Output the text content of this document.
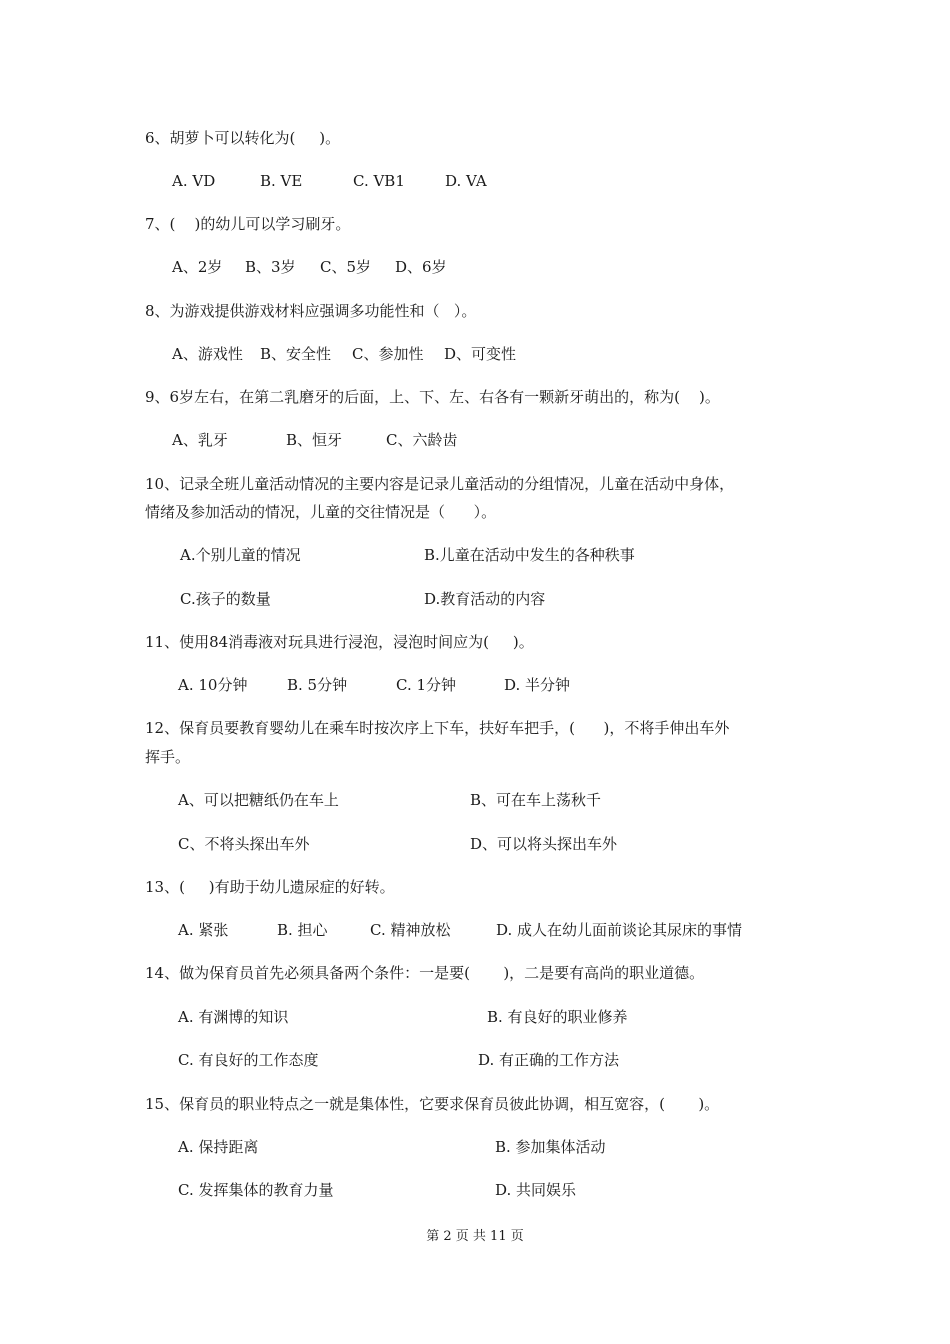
6、胡萝卜可以转化为(     )。
A. VD	B. VE	C. VB1	D. VA
7、(    )的幼儿可以学习刷牙。
A、2岁 B、3岁 C、5岁 D、6岁
8、为游戏提供游戏材料应强调多功能性和（   ）。
A、游戏性 B、安全性 C、参加性 D、可变性
9、6岁左右，在第二乳磨牙的后面，上、下、左、右各有一颗新牙萌出的，称为(    )。
A、乳牙	B、恒牙	C、六龄齿
10、记录全班儿童活动情况的主要内容是记录儿童活动的分组情况，儿童在活动中身体，
情绪及参加活动的情况，儿童的交往情况是（      ）。
A.个别儿童的情况	B.儿童在活动中发生的各种秩事
C.孩子的数量	D.教育活动的内容
11、使用84消毒液对玩具进行浸泡，浸泡时间应为(     )。
A. 10分钟	B. 5分钟	C. 1分钟	D. 半分钟
12、保育员要教育婴幼儿在乘车时按次序上下车，扶好车把手，(      )，不将手伸出车外
挥手。
A、可以把糖纸仍在车上	B、可在车上荡秋千
C、不将头探出车外	D、可以将头探出车外
13、(     )有助于幼儿遗尿症的好转。
A. 紧张	B. 担心	C. 精神放松	D. 成人在幼儿面前谈论其尿床的事情
14、做为保育员首先必须具备两个条件：一是要(       )，二是要有高尚的职业道德。
A. 有渊博的知识	B. 有良好的职业修养
C. 有良好的工作态度	D. 有正确的工作方法
15、保育员的职业特点之一就是集体性，它要求保育员彼此协调，相互宽容，(       )。
A. 保持距离	B. 参加集体活动
C. 发挥集体的教育力量	D. 共同娱乐
第 2 页 共 11 页
